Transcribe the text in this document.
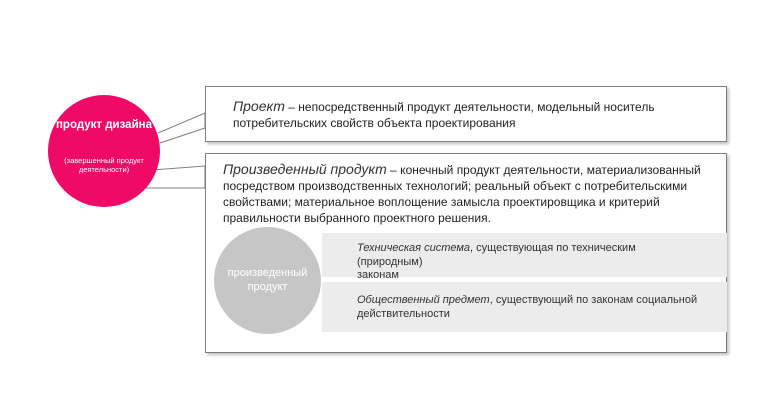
Проект – непосредственный продукт деятельности, модельный носитель потребительских свойств объекта проектирования
Произведенный продукт – конечный продукт деятельности, материализованный посредством производственных технологий; реальный объект с потребительскими свойствами; материальное воплощение замысла проектировщика и критерий правильности выбранного проектного решения.
Техническая система, существующая по техническим (природным)
законам
Общественный предмет, существующий по законам социальной действительности
произведенный продукт
продукт дизайна
(завершенный продукт деятельности)
